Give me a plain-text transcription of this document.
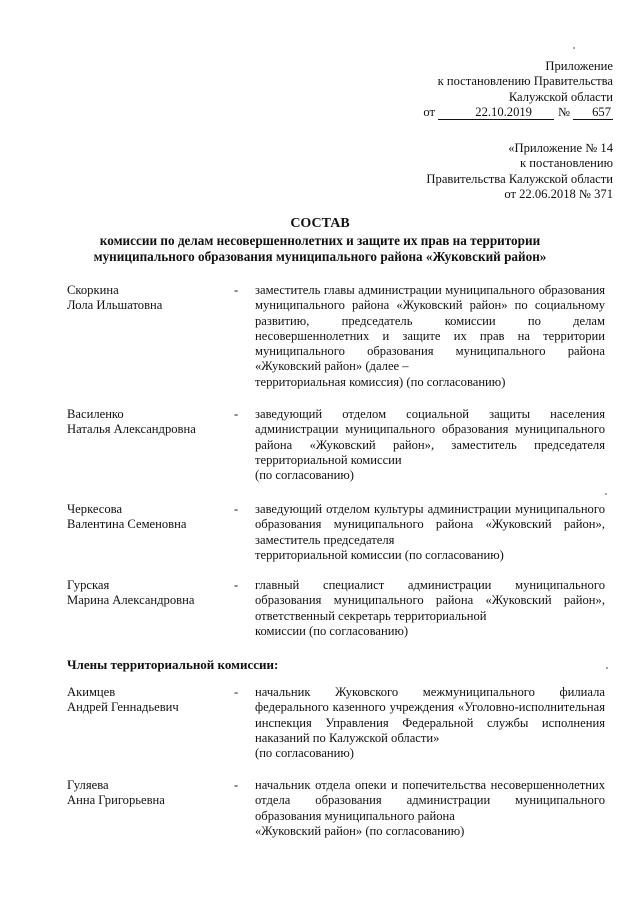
Приложение
к постановлению Правительства
Калужской области
от	22.10.2019	№	657
«Приложение № 14
к постановлению
Правительства Калужской области
от 22.06.2018 № 371
СОСТАВ
комиссии по делам несовершеннолетних и защите их прав на территории
муниципального образования муниципального района «Жуковский район»
Скоркина
Лола Ильшатовна
- заместитель главы администрации муниципального образования муниципального района «Жуковский район» по социальному развитию, председатель комиссии по делам несовершеннолетних и защите их прав на территории муниципального образования муниципального района «Жуковский район» (далее –
территориальная комиссия) (по согласованию)
Василенко
Наталья Александровна
- заведующий отделом социальной защиты населения администрации муниципального образования муниципального района «Жуковский район», заместитель председателя территориальной комиссии
(по согласованию)
Черкесова
Валентина Семеновна
- заведующий отделом культуры администрации муниципального образования муниципального района «Жуковский район», заместитель председателя
территориальной комиссии (по согласованию)
Гурская
Марина Александровна
- главный специалист администрации муниципального образования муниципального района «Жуковский район», ответственный секретарь территориальной
комиссии (по согласованию)
Члены территориальной комиссии:
Акимцев
Андрей Геннадьевич
- начальник Жуковского межмуниципального филиала федерального казенного учреждения «Уголовно-исполнительная инспекция Управления Федеральной службы исполнения наказаний по Калужской области»
(по согласованию)
Гуляева
Анна Григорьевна
- начальник отдела опеки и попечительства несовершеннолетних отдела образования администрации муниципального образования муниципального района
«Жуковский район» (по согласованию)
